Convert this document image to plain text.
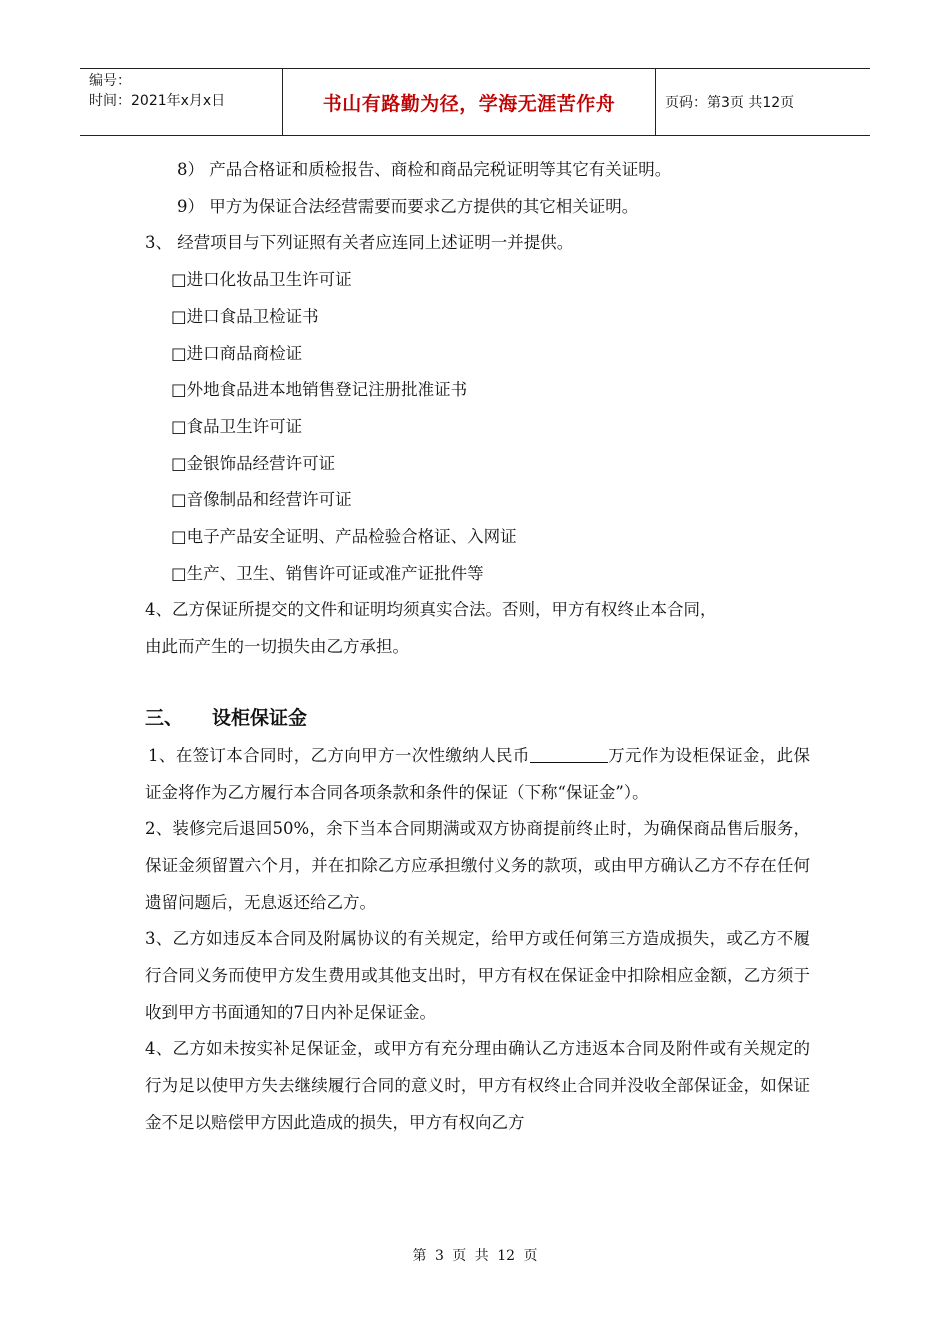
编号：
时间：2021年x月x日	书山有路勤为径，学海无涯苦作舟	页码：第3页 共12页
8） 产品合格证和质检报告、商检和商品完税证明等其它有关证明。
9） 甲方为保证合法经营需要而要求乙方提供的其它相关证明。
3、 经营项目与下列证照有关者应连同上述证明一并提供。
□进口化妆品卫生许可证
□进口食品卫检证书
□进口商品商检证
□外地食品进本地销售登记注册批准证书
□食品卫生许可证
□金银饰品经营许可证
□音像制品和经营许可证
□电子产品安全证明、产品检验合格证、入网证
□生产、卫生、销售许可证或准产证批件等
4、乙方保证所提交的文件和证明均须真实合法。否则，甲方有权终止本合同，
由此而产生的一切损失由乙方承担。
三、	设柜保证金
1、在签订本合同时，乙方向甲方一次性缴纳人民币	万元作为设柜保证金，此保证金将作为乙方履行本合同各项条款和条件的保证（下称“保证金”）。
2、装修完后退回50%，余下当本合同期满或双方协商提前终止时，为确保商品售后服务，保证金须留置六个月，并在扣除乙方应承担缴付义务的款项，或由甲方确认乙方不存在任何遗留问题后，无息返还给乙方。
3、乙方如违反本合同及附属协议的有关规定，给甲方或任何第三方造成损失，或乙方不履行合同义务而使甲方发生费用或其他支出时，甲方有权在保证金中扣除相应金额，乙方须于收到甲方书面通知的7日内补足保证金。
4、乙方如未按实补足保证金，或甲方有充分理由确认乙方违返本合同及附件或有关规定的行为足以使甲方失去继续履行合同的意义时，甲方有权终止合同并没收全部保证金，如保证金不足以赔偿甲方因此造成的损失，甲方有权向乙方
第 3 页 共 12 页
